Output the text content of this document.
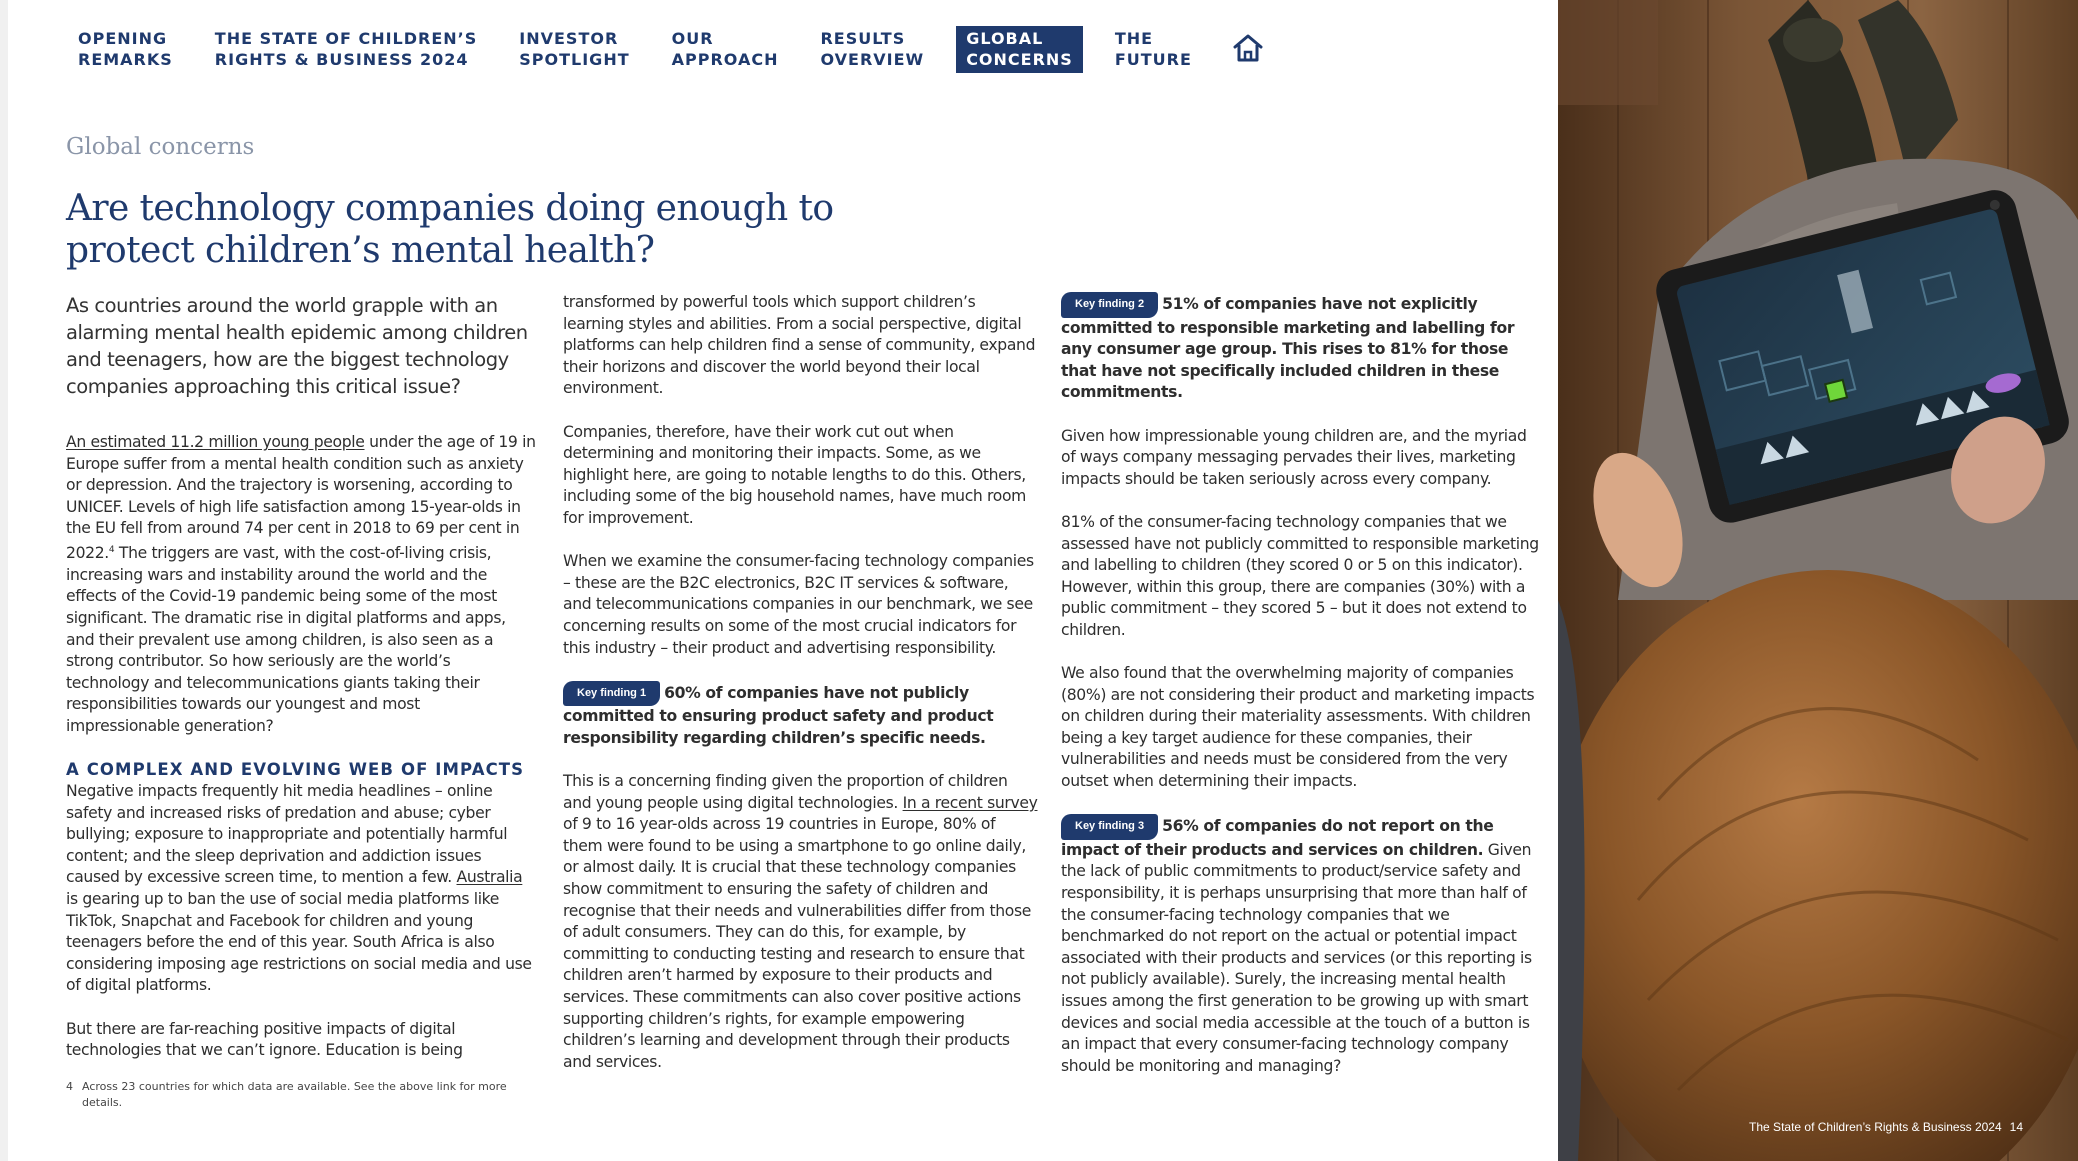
OPENING
REMARKS
THE STATE OF CHILDREN’S
RIGHTS & BUSINESS 2024
INVESTOR
SPOTLIGHT
OUR
APPROACH
RESULTS
OVERVIEW
GLOBAL
CONCERNS
THE
FUTURE
Global concerns
Are technology companies doing enough to
protect children’s mental health?

As countries around the world grapple with an alarming mental health epidemic among children and teenagers, how are the biggest technology companies approaching this critical issue?

An estimated 11.2 million young people under the age of 19 in Europe suffer from a mental health condition such as anxiety or depression. And the trajectory is worsening, according to UNICEF. Levels of high life satisfaction among 15-year-olds in the EU fell from around 74 per cent in 2018 to 69 per cent in 2022.$^4$ The triggers are vast, with the cost-of-living crisis, increasing wars and instability around the world and the effects of the Covid-19 pandemic being some of the most significant. The dramatic rise in digital platforms and apps, and their prevalent use among children, is also seen as a strong contributor. So how seriously are the world’s technology and telecommunications giants taking their responsibilities towards our youngest and most impressionable generation?

A COMPLEX AND EVOLVING WEB OF IMPACTS

Negative impacts frequently hit media headlines – online safety and increased risks of predation and abuse; cyber bullying; exposure to inappropriate and potentially harmful content; and the sleep deprivation and addiction issues caused by excessive screen time, to mention a few. Australia is gearing up to ban the use of social media platforms like TikTok, Snapchat and Facebook for children and young teenagers before the end of this year. South Africa is also considering imposing age restrictions on social media and use of digital platforms.

But there are far-reaching positive impacts of digital technologies that we can’t ignore. Education is being

4 Across 23 countries for which data are available. See the above link for more details.

transformed by powerful tools which support children’s learning styles and abilities. From a social perspective, digital platforms can help children find a sense of community, expand their horizons and discover the world beyond their local environment.

Companies, therefore, have their work cut out when determining and monitoring their impacts. Some, as we highlight here, are going to notable lengths to do this. Others, including some of the big household names, have much room for improvement.

When we examine the consumer-facing technology companies – these are the B2C electronics, B2C IT services & software, and telecommunications companies in our benchmark, we see concerning results on some of the most crucial indicators for this industry – their product and advertising responsibility.

Key finding 1 60% of companies have not publicly committed to ensuring product safety and product responsibility regarding children’s specific needs.

This is a concerning finding given the proportion of children and young people using digital technologies. In a recent survey of 9 to 16 year-olds across 19 countries in Europe, 80% of them were found to be using a smartphone to go online daily, or almost daily. It is crucial that these technology companies show commitment to ensuring the safety of children and recognise that their needs and vulnerabilities differ from those of adult consumers. They can do this, for example, by committing to conducting testing and research to ensure that children aren’t harmed by exposure to their products and services. These commitments can also cover positive actions supporting children’s rights, for example empowering children’s learning and development through their products and services.

Key finding 2 51% of companies have not explicitly committed to responsible marketing and labelling for any consumer age group. This rises to 81% for those that have not specifically included children in these commitments.

Given how impressionable young children are, and the myriad of ways company messaging pervades their lives, marketing impacts should be taken seriously across every company.

81% of the consumer-facing technology companies that we assessed have not publicly committed to responsible marketing and labelling to children (they scored 0 or 5 on this indicator). However, within this group, there are companies (30%) with a public commitment – they scored 5 – but it does not extend to children.

We also found that the overwhelming majority of companies (80%) are not considering their product and marketing impacts on children during their materiality assessments. With children being a key target audience for these companies, their vulnerabilities and needs must be considered from the very outset when determining their impacts.

Key finding 3 56% of companies do not report on the impact of their products and services on children. Given the lack of public commitments to product/service safety and responsibility, it is perhaps unsurprising that more than half of the consumer-facing technology companies that we benchmarked do not report on the actual or potential impact associated with their products and services (or this reporting is not publicly available). Surely, the increasing mental health issues among the first generation to be growing up with smart devices and social media accessible at the touch of a button is an impact that every consumer-facing technology company should be monitoring and managing?

The State of Children’s Rights & Business 2024 14
